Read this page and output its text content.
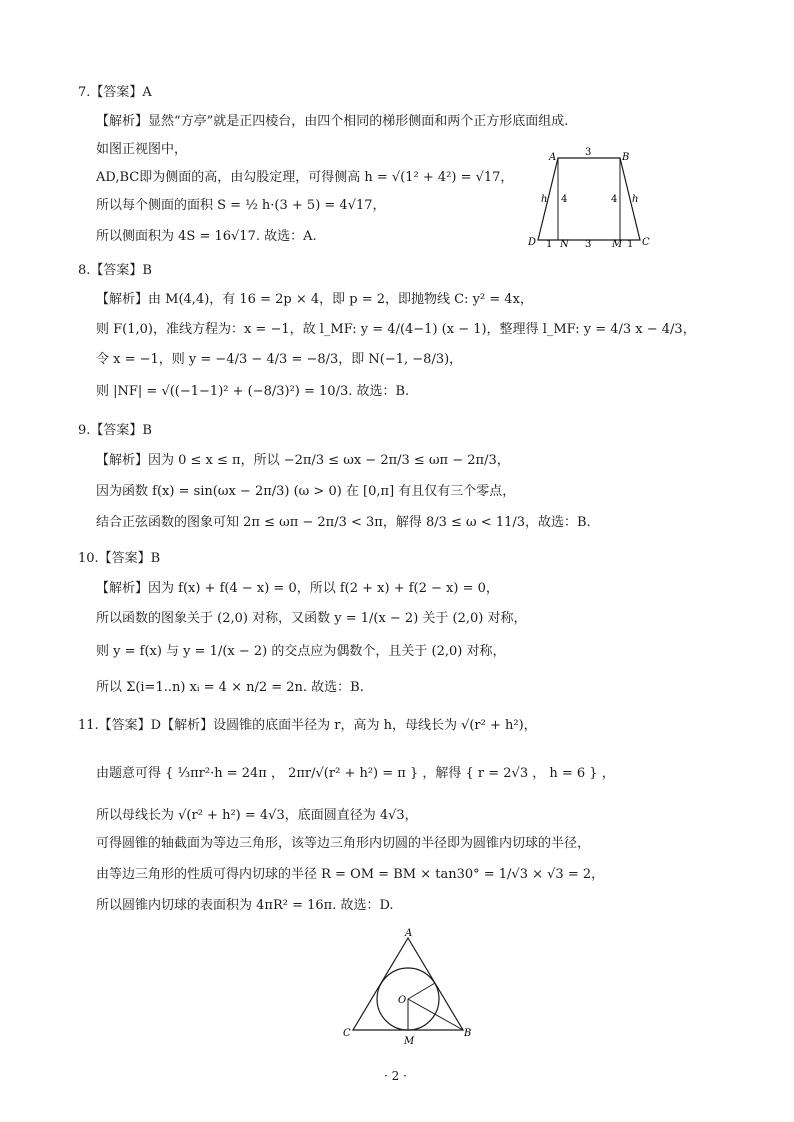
7.【答案】A
【解析】显然“方亭”就是正四棱台，由四个相同的梯形侧面和两个正方形底面组成.
如图正视图中，
AD,BC即为侧面的高，由勾股定理，可得侧高 h = √(1² + 4²) = √17，
所以每个侧面的面积 S = ½ h·(3 + 5) = 4√17，
所以侧面积为 4S = 16√17. 故选：A.
A	B
C
D N	M
3
3
1	1
4	4
h	h
8.【答案】B
【解析】由 M(4,4)，有 16 = 2p × 4，即 p = 2，即抛物线 C: y² = 4x，
则 F(1,0)，准线方程为：x = −1，故 l_MF: y = 4/(4−1) (x − 1)，整理得 l_MF: y = 4/3 x − 4/3，
令 x = −1，则 y = −4/3 − 4/3 = −8/3，即 N(−1, −8/3)，
则 |NF| = √((−1−1)² + (−8/3)²) = 10/3. 故选：B.
9.【答案】B
【解析】因为 0 ≤ x ≤ π，所以 −2π/3 ≤ ωx − 2π/3 ≤ ωπ − 2π/3，
因为函数 f(x) = sin(ωx − 2π/3) (ω > 0) 在 [0,π] 有且仅有三个零点，
结合正弦函数的图象可知 2π ≤ ωπ − 2π/3 < 3π，解得 8/3 ≤ ω < 11/3，故选：B.
10.【答案】B
【解析】因为 f(x) + f(4 − x) = 0，所以 f(2 + x) + f(2 − x) = 0，
所以函数的图象关于 (2,0) 对称，又函数 y = 1/(x − 2) 关于 (2,0) 对称，
则 y = f(x) 与 y = 1/(x − 2) 的交点应为偶数个，且关于 (2,0) 对称，
所以 Σ(i=1..n) xᵢ = 4 × n/2 = 2n. 故选：B.
11.【答案】D【解析】设圆锥的底面半径为 r，高为 h，母线长为 √(r² + h²)，
由题意可得 { ⅓πr²·h = 24π ， 2πr/√(r² + h²) = π } ，解得 { r = 2√3 ， h = 6 } ，
所以母线长为 √(r² + h²) = 4√3，底面圆直径为 4√3，
可得圆锥的轴截面为等边三角形，该等边三角形内切圆的半径即为圆锥内切球的半径，
由等边三角形的性质可得内切球的半径 R = OM = BM × tan30° = 1/√3 × √3 = 2，
所以圆锥内切球的表面积为 4πR² = 16π. 故选：D.
A
B
C
O
M
· 2 ·
